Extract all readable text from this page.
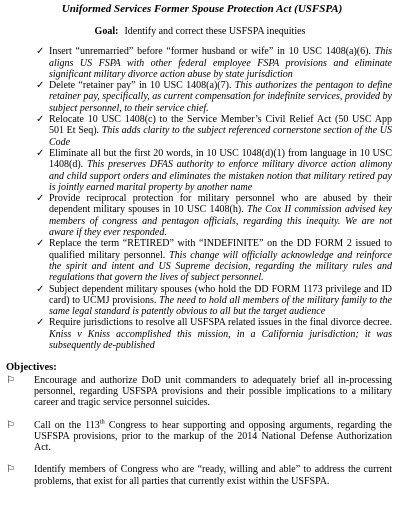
Uniformed Services Former Spouse Protection Act (USFSPA)
Goal: Identify and correct these USFSPA inequities
✓ Insert “unremarried” before “former husband or wife” in 10 USC 1408(a)(6). This aligns US FSPA with other federal employee FSPA provisions and eliminate significant military divorce action abuse by state jurisdiction
✓ Delete “retainer pay” in 10 USC 1408(a)(7). This authorizes the pentagon to define retainer pay, specifically, as current compensation for indefinite services, provided by subject personnel, to their service chief.
✓ Relocate 10 USC 1408(c) to the Service Member’s Civil Relief Act (50 USC App 501 Et Seq). This adds clarity to the subject referenced cornerstone section of the US Code
✓ Eliminate all but the first 20 words, in 10 USC 1048(d)(1) from language in 10 USC 1408(d). This preserves DFAS authority to enforce military divorce action alimony and child support orders and eliminates the mistaken notion that military retired pay is jointly earned marital property by another name
✓ Provide reciprocal protection for military personnel who are abused by their dependent military spouses in 10 USC 1408(h). The Cox II commission advised key members of congress and pentagon officials, regarding this inequity. We are not aware if they ever responded.
✓ Replace the term “RETIRED” with “INDEFINITE” on the DD FORM 2 issued to qualified military personnel. This change will officially acknowledge and reinforce the spirit and intent and US Supreme decision, regarding the military rules and regulations that govern the lives of subject personnel.
✓ Subject dependent military spouses (who hold the DD FORM 1173 privilege and ID card) to UCMJ provisions. The need to hold all members of the military family to the same legal standard is patently obvious to all but the target audience
✓ Require jurisdictions to resolve all USFSPA related issues in the final divorce decree. Kniss v Kniss accomplished this mission, in a California jurisdiction; it was subsequently de-published
Objectives:
⚐ Encourage and authorize DoD unit commanders to adequately brief all in-processing personnel, regarding USFSPA provisions and their possible implications to a military career and tragic service personnel suicides.
⚐ Call on the 113th Congress to hear supporting and opposing arguments, regarding the USFSPA provisions, prior to the markup of the 2014 National Defense Authorization Act.
⚐ Identify members of Congress who are “ready, willing and able” to address the current problems, that exist for all parties that currently exist within the USFSPA.
